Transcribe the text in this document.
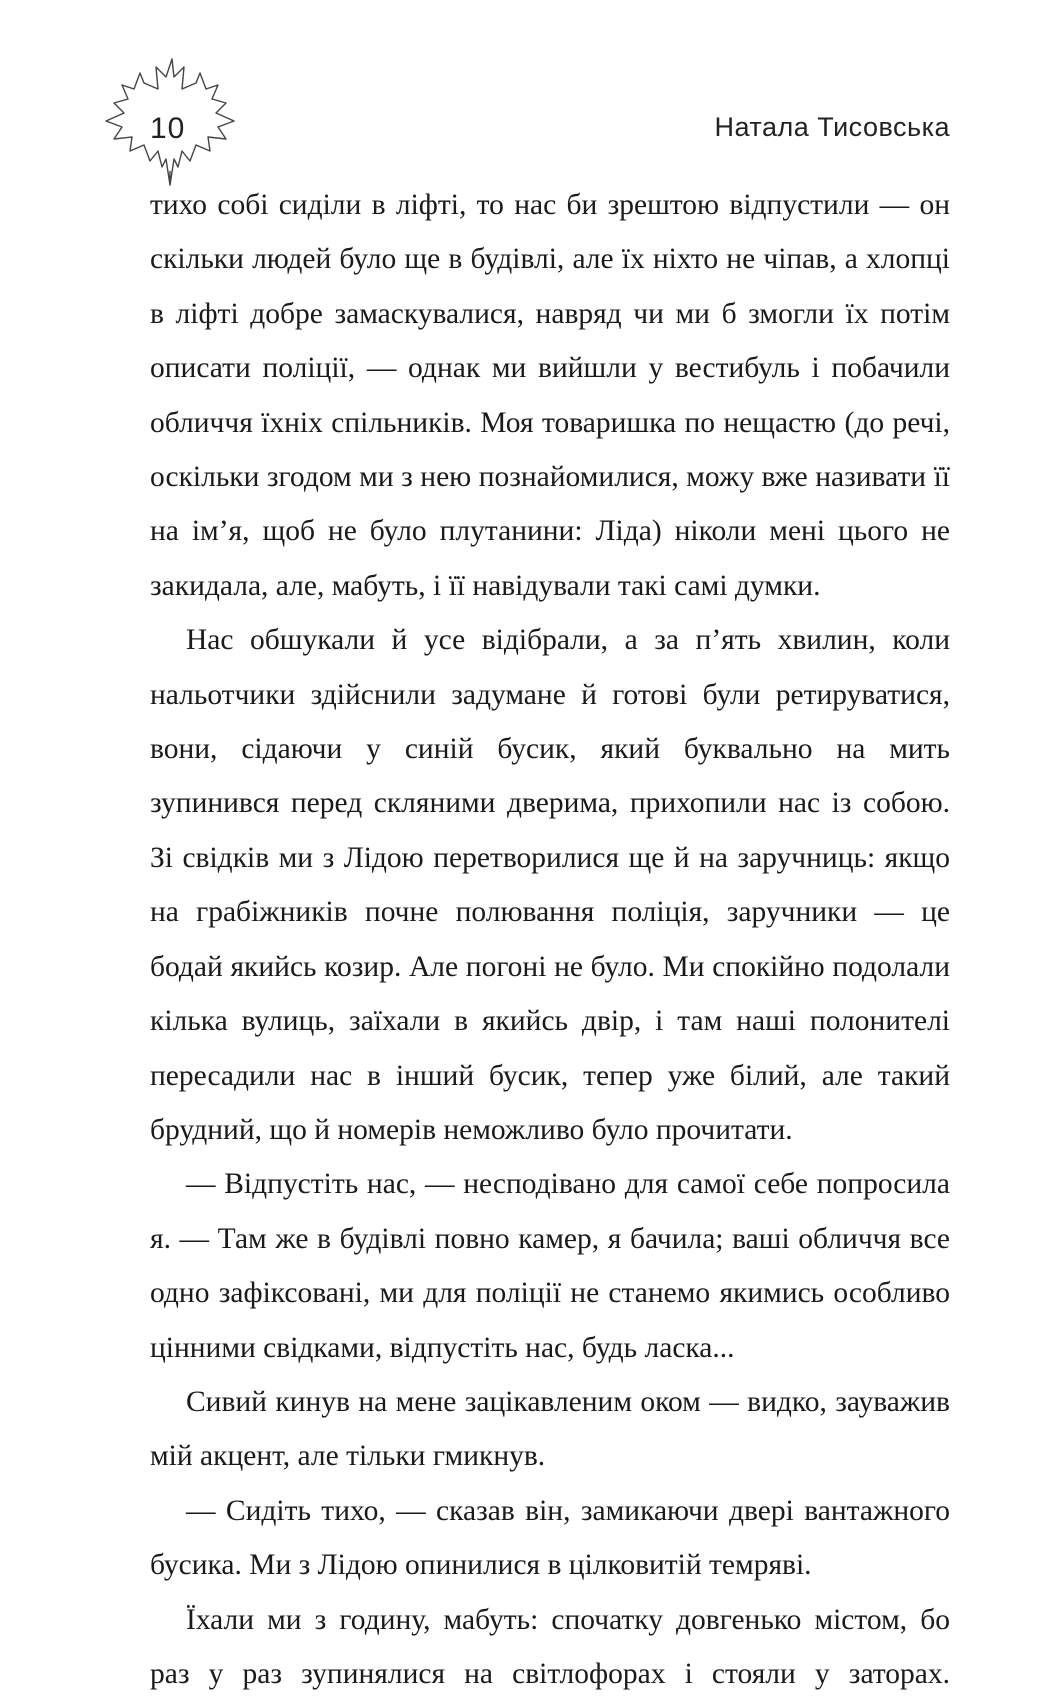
10	Натала Тисовська

тихо собі сиділи в ліфті, то нас би зрештою відпустили — он скільки людей було ще в будівлі, але їх ніхто не чіпав, а хлопці в ліфті добре замаскувалися, навряд чи ми б змогли їх потім описати поліції, — однак ми вийшли у вестибуль і побачили обличчя їхніх спільників. Моя товаришка по нещастю (до речі, оскільки згодом ми з нею познайомилися, можу вже називати її на ім’я, щоб не було плутанини: Ліда) ніколи мені цього не закидала, але, мабуть, і її навідували такі самі думки.

Нас обшукали й усе відібрали, а за п’ять хвилин, коли нальотчики здійснили задумане й готові були ретируватися, вони, сідаючи у синій бусик, який буквально на мить зупинився перед скляними дверима, прихопили нас із собою. Зі свідків ми з Лідою перетворилися ще й на заручниць: якщо на грабіжників почне полювання поліція, заручники — це бодай якийсь козир. Але погоні не було. Ми спокійно подолали кілька вулиць, заїхали в якийсь двір, і там наші полонителі пересадили нас в інший бусик, тепер уже білий, але такий брудний, що й номерів неможливо було прочитати.

— Відпустіть нас, — несподівано для самої себе попросила я. — Там же в будівлі повно камер, я бачила; ваші обличчя все одно зафіксовані, ми для поліції не станемо якимись особливо цінними свідками, відпустіть нас, будь ласка...

Сивий кинув на мене зацікавленим оком — видко, зауважив мій акцент, але тільки гмикнув.

— Сидіть тихо, — сказав він, замикаючи двері вантажного бусика. Ми з Лідою опинилися в цілковитій темряві.

Їхали ми з годину, мабуть: спочатку довгенько містом, бо раз у раз зупинялися на світлофорах і стояли у заторах.
